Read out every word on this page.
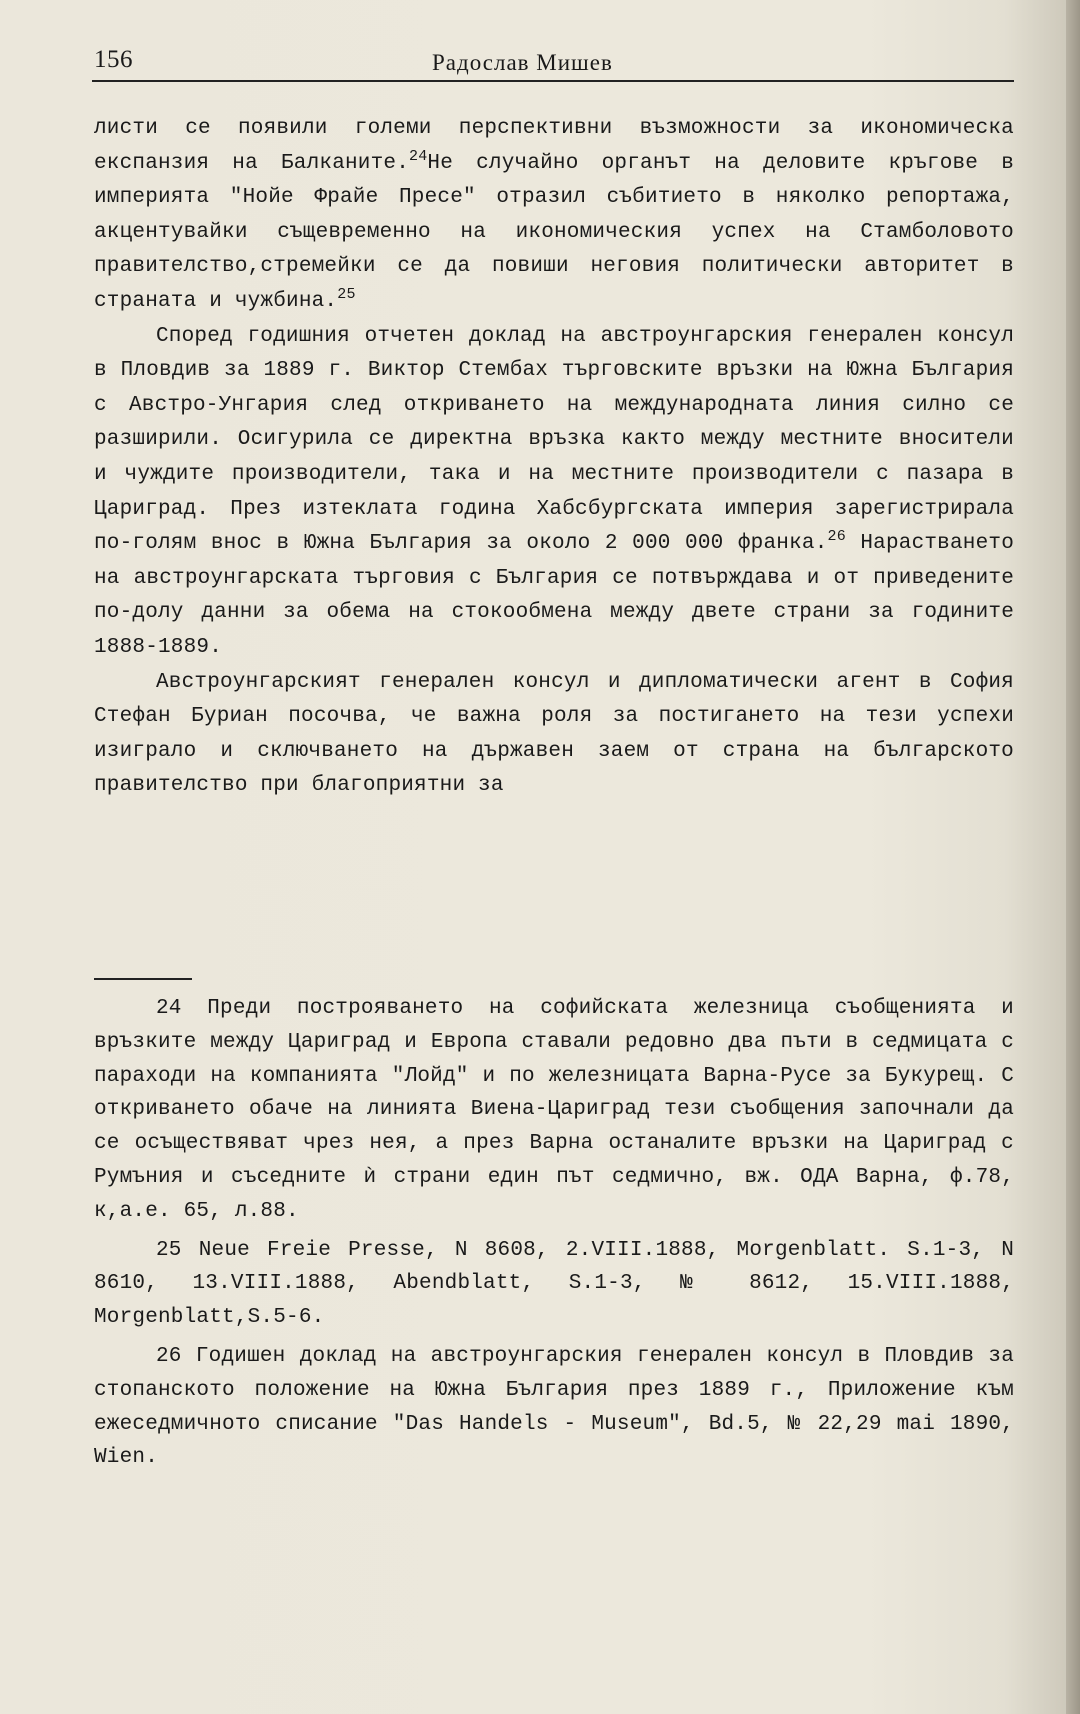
156	Радослав Мишев

листи се появили големи перспективни възможности за икономическа експанзия на Балканите.$^{24}$Не случайно органът на деловите кръгове в империята "Нойе Фрайе Пресе" отразил събитието в няколко репортажа, акцентувайки същевременно на икономическия успех на Стамболовото правителство,стремейки се да повиши неговия политически авторитет в страната и чужбина.$^{25}$

Според годишния отчетен доклад на австроунгарския генерален консул в Пловдив за 1889 г. Виктор Стембах търговските връзки на Южна България с Австро-Унгария след откриването на международната линия силно се разширили. Осигурила се директна връзка както между местните вносители и чуждите производители, така и на местните производители с пазара в Цариград. През изтеклата година Хабсбургската империя зарегистрирала по-голям внос в Южна България за около 2 000 000 франка.$^{26}$ Нарастването на австроунгарската търговия с България се потвърждава и от приведените по-долу данни за обема на стокообмена между двете страни за годините 1888-1889.

Австроунгарският генерален консул и дипломатически агент в София Стефан Буриан посочва, че важна роля за постигането на тези успехи изиграло и сключването на държавен заем от страна на българското правителство при благоприятни за

24 Преди построяването на софийската железница съобщенията и връзките между Цариград и Европа ставали редовно два пъти в седмицата с параходи на компанията "Лойд" и по железницата Варна-Русе за Букурещ. С откриването обаче на линията Виена-Цариград тези съобщения започнали да се осъществяват чрез нея, а през Варна останалите връзки на Цариград с Румъния и съседните ѝ страни един път седмично, вж. ОДА Варна, ф.78, к,а.е. 65, л.88.

25 Neue Freie Presse, N 8608, 2.VIII.1888, Morgenblatt. S.1-3, N 8610, 13.VIII.1888, Abendblatt, S.1-3, № 8612, 15.VIII.1888, Morgenblatt,S.5-6.

26 Годишен доклад на австроунгарския генерален консул в Пловдив за стопанското положение на Южна България през 1889 г., Приложение към ежеседмичното списание "Das Handels - Museum", Bd.5, № 22,29 mai 1890, Wien.
